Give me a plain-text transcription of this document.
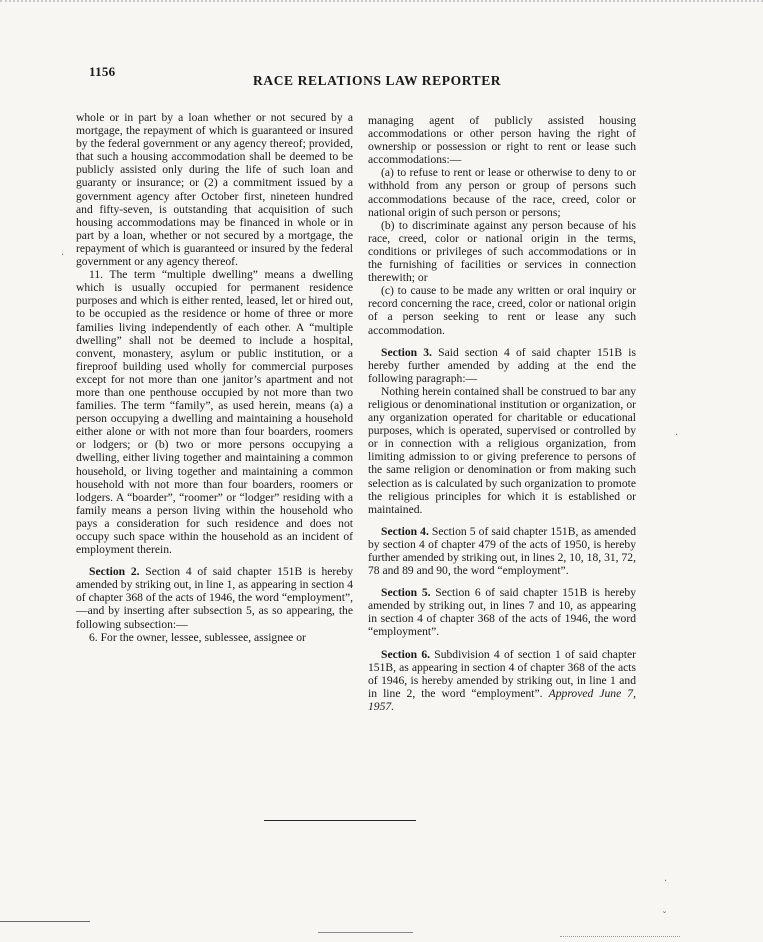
1156
RACE RELATIONS LAW REPORTER

whole or in part by a loan whether or not secured by a mortgage, the repayment of which is guaranteed or insured by the federal government or any agency thereof; provided, that such a housing accommodation shall be deemed to be publicly assisted only during the life of such loan and guaranty or insurance; or (2) a commitment issued by a government agency after October first, nineteen hundred and fifty-seven, is outstanding that acquisition of such housing accommodations may be financed in whole or in part by a loan, whether or not secured by a mortgage, the repayment of which is guaranteed or insured by the federal government or any agency thereof.

11. The term “multiple dwelling” means a dwelling which is usually occupied for permanent residence purposes and which is either rented, leased, let or hired out, to be occupied as the residence or home of three or more families living independently of each other. A “multiple dwelling” shall not be deemed to include a hospital, convent, monastery, asylum or public institution, or a fireproof building used wholly for commercial purposes except for not more than one janitor’s apartment and not more than one penthouse occupied by not more than two families. The term “family”, as used herein, means (a) a person occupying a dwelling and maintaining a household either alone or with not more than four boarders, roomers or lodgers; or (b) two or more persons occupying a dwelling, either living together and maintaining a common household, or living together and maintaining a common household with not more than four boarders, roomers or lodgers. A “boarder”, “roomer” or “lodger” residing with a family means a person living within the household who pays a consideration for such residence and does not occupy such space within the household as an incident of employment therein.

Section 2. Section 4 of said chapter 151B is hereby amended by striking out, in line 1, as appearing in section 4 of chapter 368 of the acts of 1946, the word “employment”,—and by inserting after subsection 5, as so appearing, the following subsection:—

6. For the owner, lessee, sublessee, assignee or

managing agent of publicly assisted housing accommodations or other person having the right of ownership or possession or right to rent or lease such accommodations:—

(a) to refuse to rent or lease or otherwise to deny to or withhold from any person or group of persons such accommodations because of the race, creed, color or national origin of such person or persons;

(b) to discriminate against any person because of his race, creed, color or national origin in the terms, conditions or privileges of such accommodations or in the furnishing of facilities or services in connection therewith; or

(c) to cause to be made any written or oral inquiry or record concerning the race, creed, color or national origin of a person seeking to rent or lease any such accommodation.

Section 3. Said section 4 of said chapter 151B is hereby further amended by adding at the end the following paragraph:—

Nothing herein contained shall be construed to bar any religious or denominational institution or organization, or any organization operated for charitable or educational purposes, which is operated, supervised or controlled by or in connection with a religious organization, from limiting admission to or giving preference to persons of the same religion or denomination or from making such selection as is calculated by such organization to promote the religious principles for which it is established or maintained.

Section 4. Section 5 of said chapter 151B, as amended by section 4 of chapter 479 of the acts of 1950, is hereby further amended by striking out, in lines 2, 10, 18, 31, 72, 78 and 89 and 90, the word “employment”.

Section 5. Section 6 of said chapter 151B is hereby amended by striking out, in lines 7 and 10, as appearing in section 4 of chapter 368 of the acts of 1946, the word “employment”.

Section 6. Subdivision 4 of section 1 of said chapter 151B, as appearing in section 4 of chapter 368 of the acts of 1946, is hereby amended by striking out, in line 1 and in line 2, the word “employment”. Approved June 7, 1957.

·
·
·
ˇ
